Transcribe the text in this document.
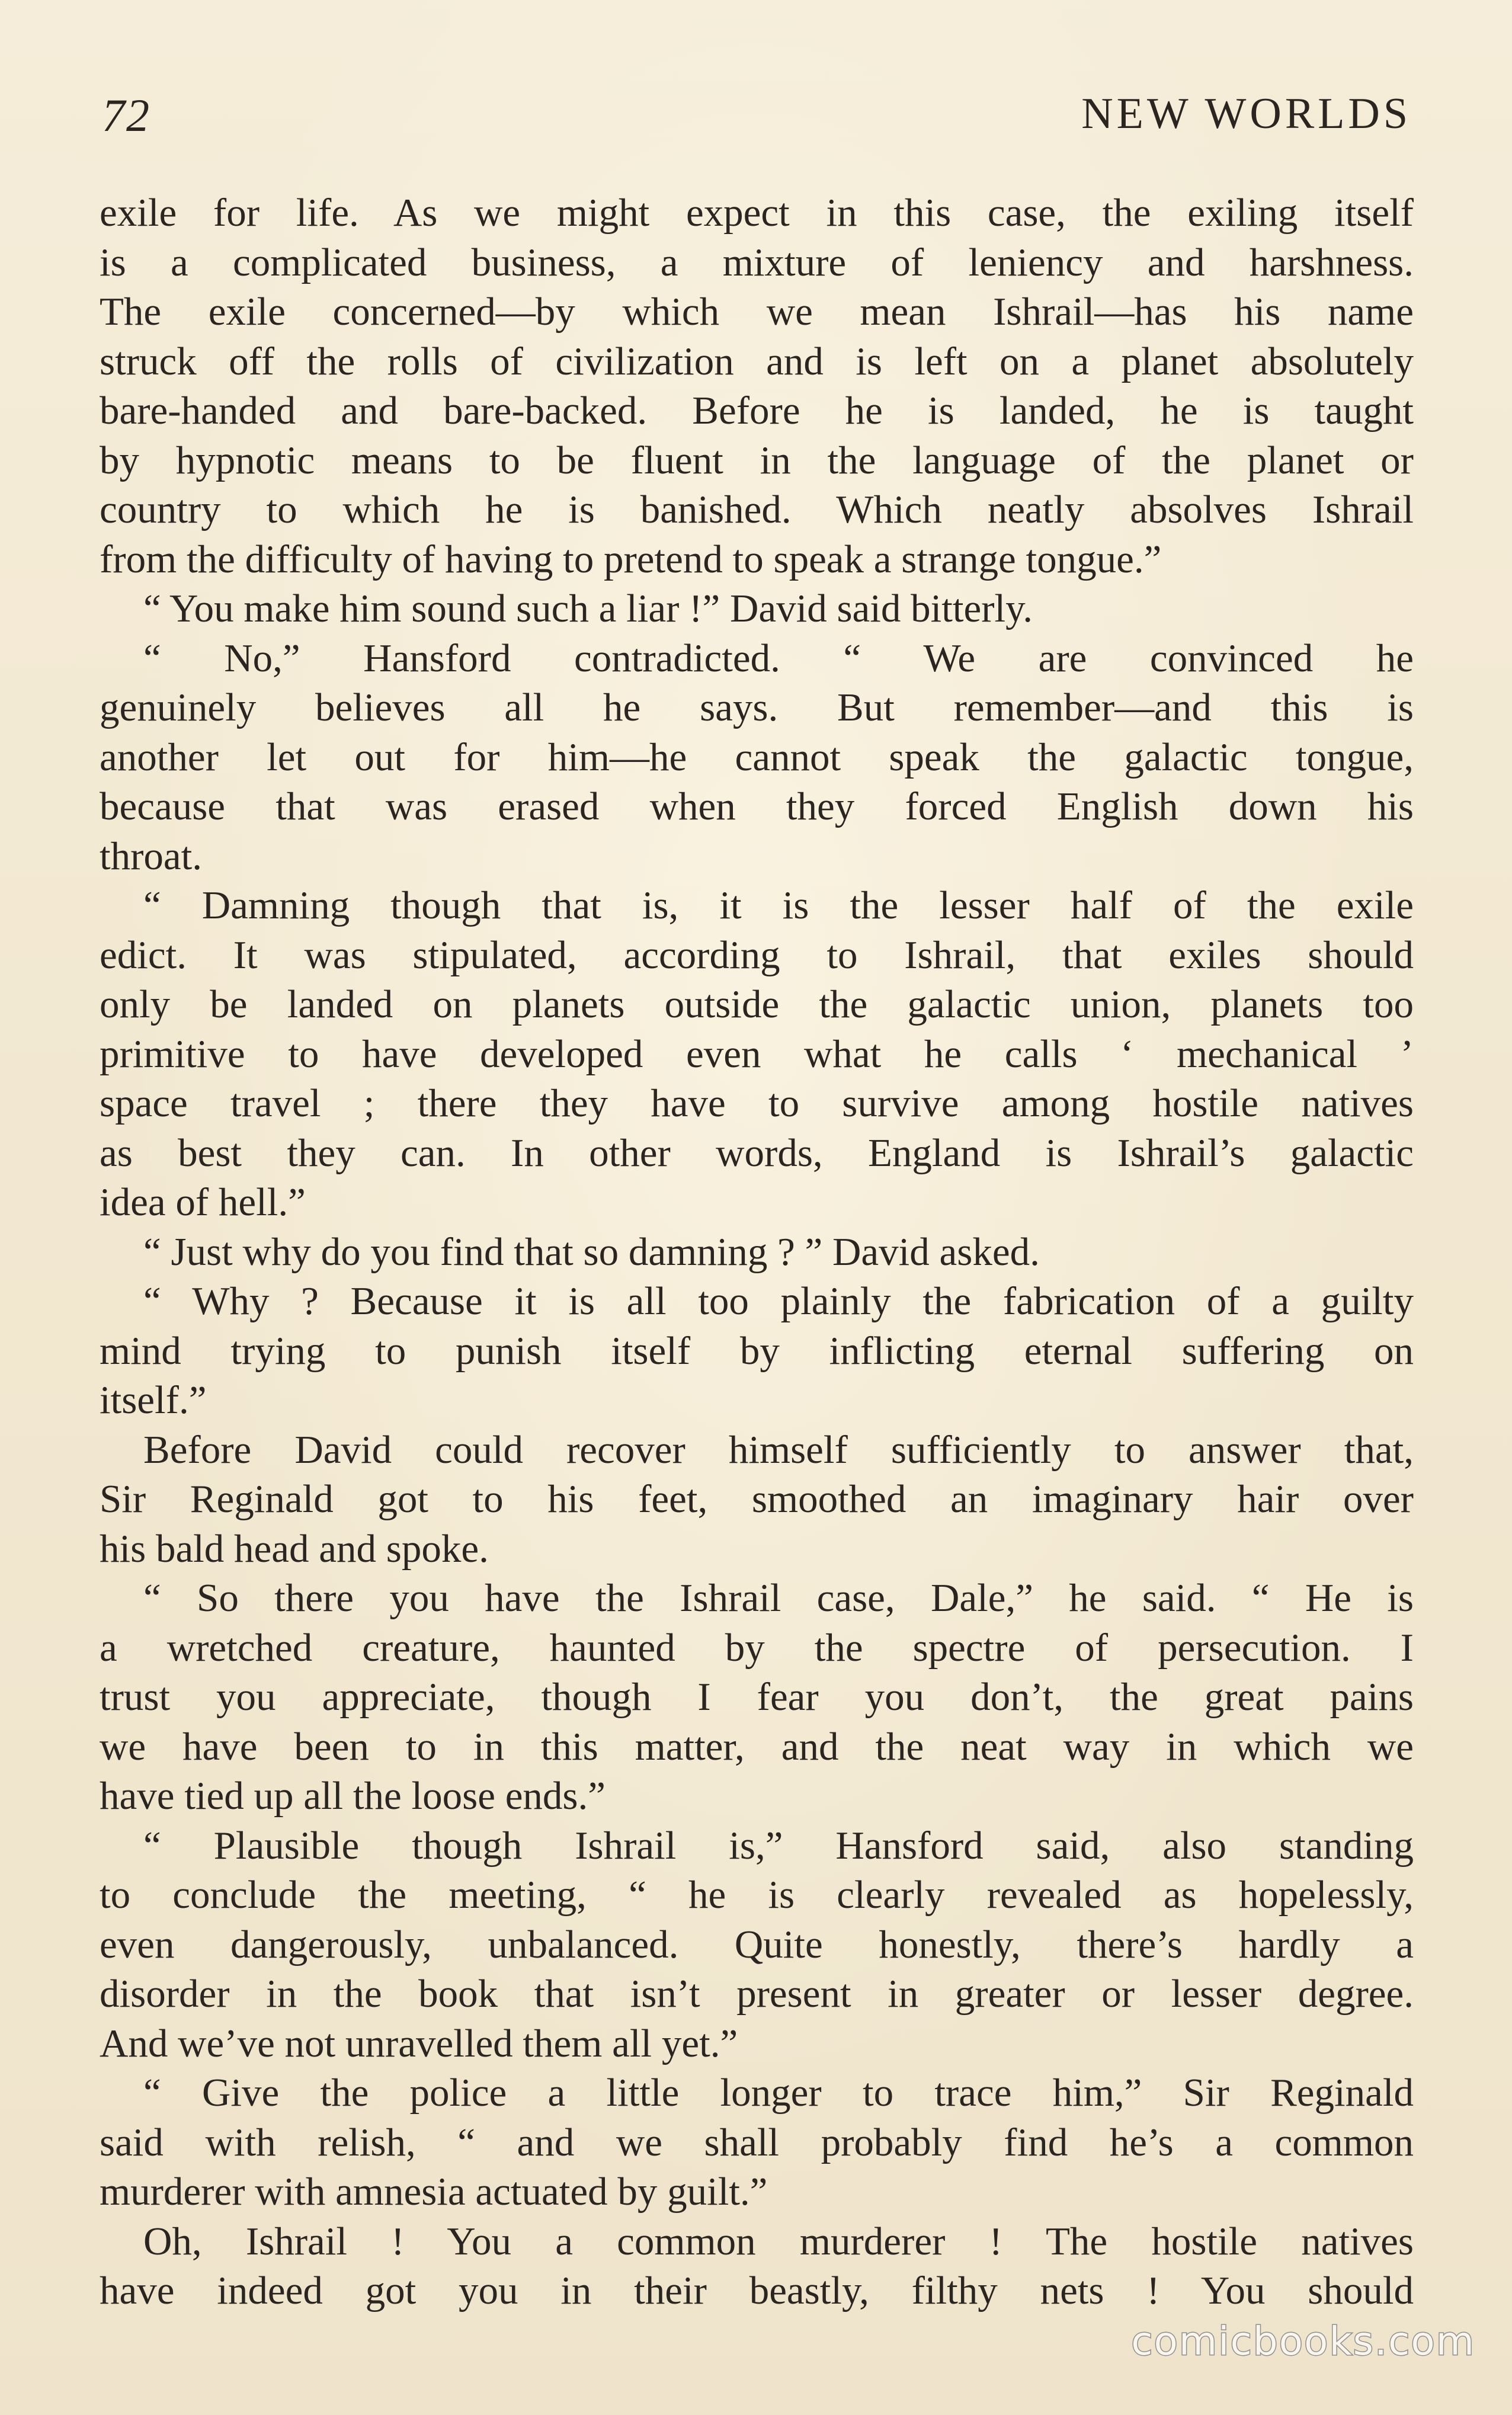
72	NEW WORLDS
exile for life. As we might expect in this case, the exiling itself
is a complicated business, a mixture of leniency and harshness.
The exile concerned—by which we mean Ishrail—has his name
struck off the rolls of civilization and is left on a planet absolutely
bare-handed and bare-backed. Before he is landed, he is taught
by hypnotic means to be fluent in the language of the planet or
country to which he is banished. Which neatly absolves Ishrail
from the difficulty of having to pretend to speak a strange tongue.”
“ You make him sound such a liar !” David said bitterly.
“ No,” Hansford contradicted. “ We are convinced he
genuinely believes all he says. But remember—and this is
another let out for him—he cannot speak the galactic tongue,
because that was erased when they forced English down his
throat.
“ Damning though that is, it is the lesser half of the exile
edict. It was stipulated, according to Ishrail, that exiles should
only be landed on planets outside the galactic union, planets too
primitive to have developed even what he calls ‘ mechanical ’
space travel ; there they have to survive among hostile natives
as best they can. In other words, England is Ishrail’s galactic
idea of hell.”
“ Just why do you find that so damning ? ” David asked.
“ Why ? Because it is all too plainly the fabrication of a guilty
mind trying to punish itself by inflicting eternal suffering on
itself.”
Before David could recover himself sufficiently to answer that,
Sir Reginald got to his feet, smoothed an imaginary hair over
his bald head and spoke.
“ So there you have the Ishrail case, Dale,” he said. “ He is
a wretched creature, haunted by the spectre of persecution. I
trust you appreciate, though I fear you don’t, the great pains
we have been to in this matter, and the neat way in which we
have tied up all the loose ends.”
“ Plausible though Ishrail is,” Hansford said, also standing
to conclude the meeting, “ he is clearly revealed as hopelessly,
even dangerously, unbalanced. Quite honestly, there’s hardly a
disorder in the book that isn’t present in greater or lesser degree.
And we’ve not unravelled them all yet.”
“ Give the police a little longer to trace him,” Sir Reginald
said with relish, “ and we shall probably find he’s a common
murderer with amnesia actuated by guilt.”
Oh, Ishrail ! You a common murderer ! The hostile natives
have indeed got you in their beastly, filthy nets ! You should
comicbooks.com
